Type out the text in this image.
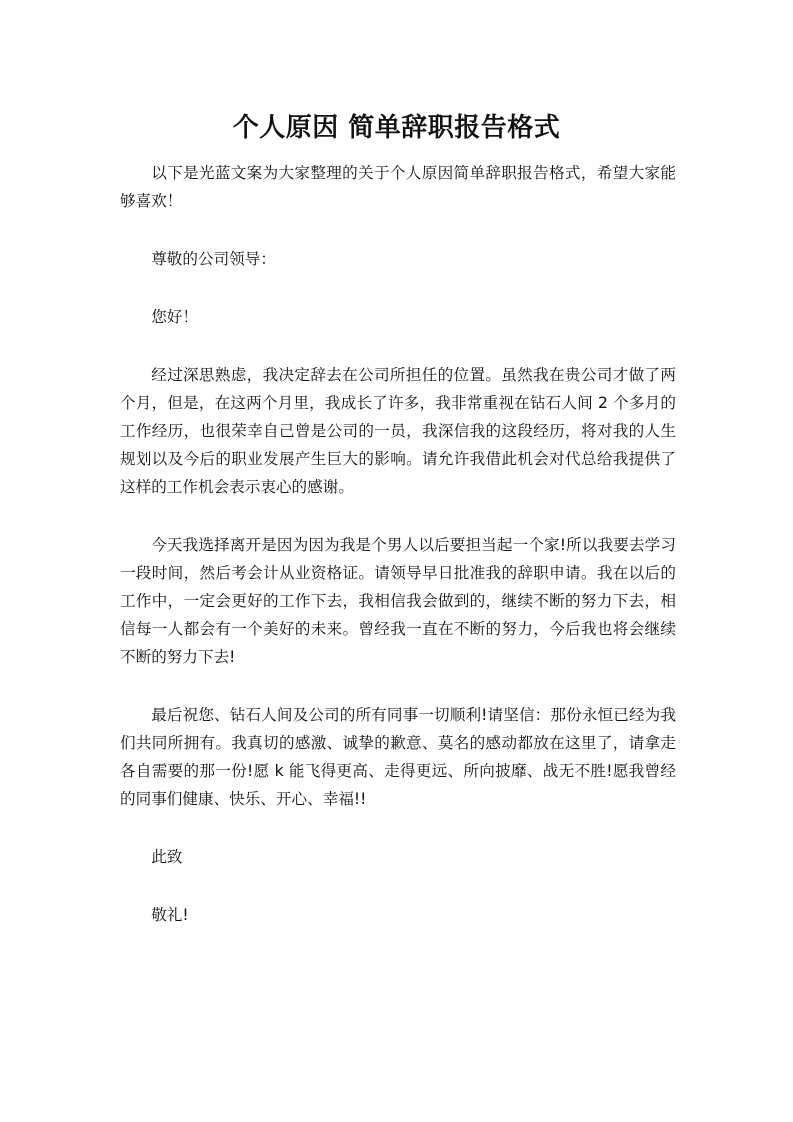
个人原因 简单辞职报告格式

以下是光蓝文案为大家整理的关于个人原因简单辞职报告格式，希望大家能够喜欢！

尊敬的公司领导：

您好！

经过深思熟虑，我决定辞去在公司所担任的位置。虽然我在贵公司才做了两个月，但是，在这两个月里，我成长了许多，我非常重视在钻石人间 2 个多月的工作经历，也很荣幸自己曾是公司的一员，我深信我的这段经历，将对我的人生规划以及今后的职业发展产生巨大的影响。请允许我借此机会对代总给我提供了这样的工作机会表示衷心的感谢。

今天我选择离开是因为因为我是个男人以后要担当起一个家!所以我要去学习一段时间，然后考会计从业资格证。请领导早日批准我的辞职申请。我在以后的工作中，一定会更好的工作下去，我相信我会做到的，继续不断的努力下去，相信每一人都会有一个美好的未来。曾经我一直在不断的努力，今后我也将会继续不断的努力下去!

最后祝您、钻石人间及公司的所有同事一切顺利!请坚信：那份永恒已经为我们共同所拥有。我真切的感激、诚挚的歉意、莫名的感动都放在这里了，请拿走各自需要的那一份!愿 k 能飞得更高、走得更远、所向披靡、战无不胜!愿我曾经的同事们健康、快乐、开心、幸福!!

此致

敬礼!
